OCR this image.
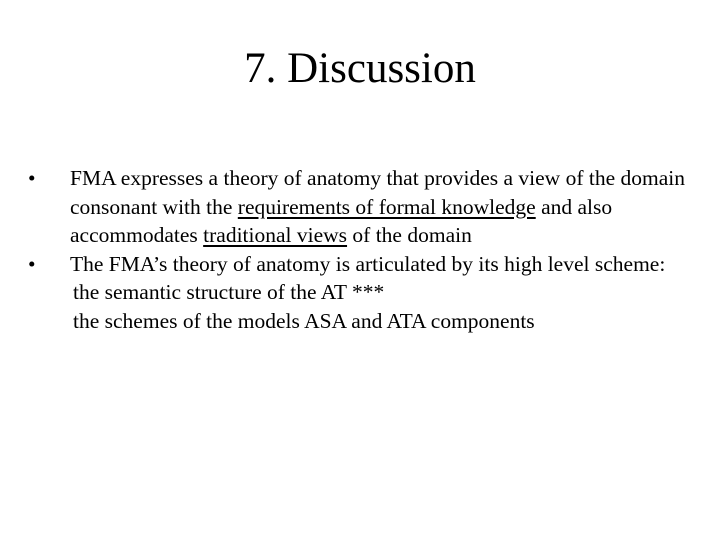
7. Discussion
•	FMA expresses a theory of anatomy that provides a view of the domain consonant with the requirements of formal knowledge and also accommodates traditional views of the domain
•	The FMA’s theory of anatomy is articulated by its high level scheme:
the semantic structure of the AT ***
the schemes of the models ASA and ATA components
